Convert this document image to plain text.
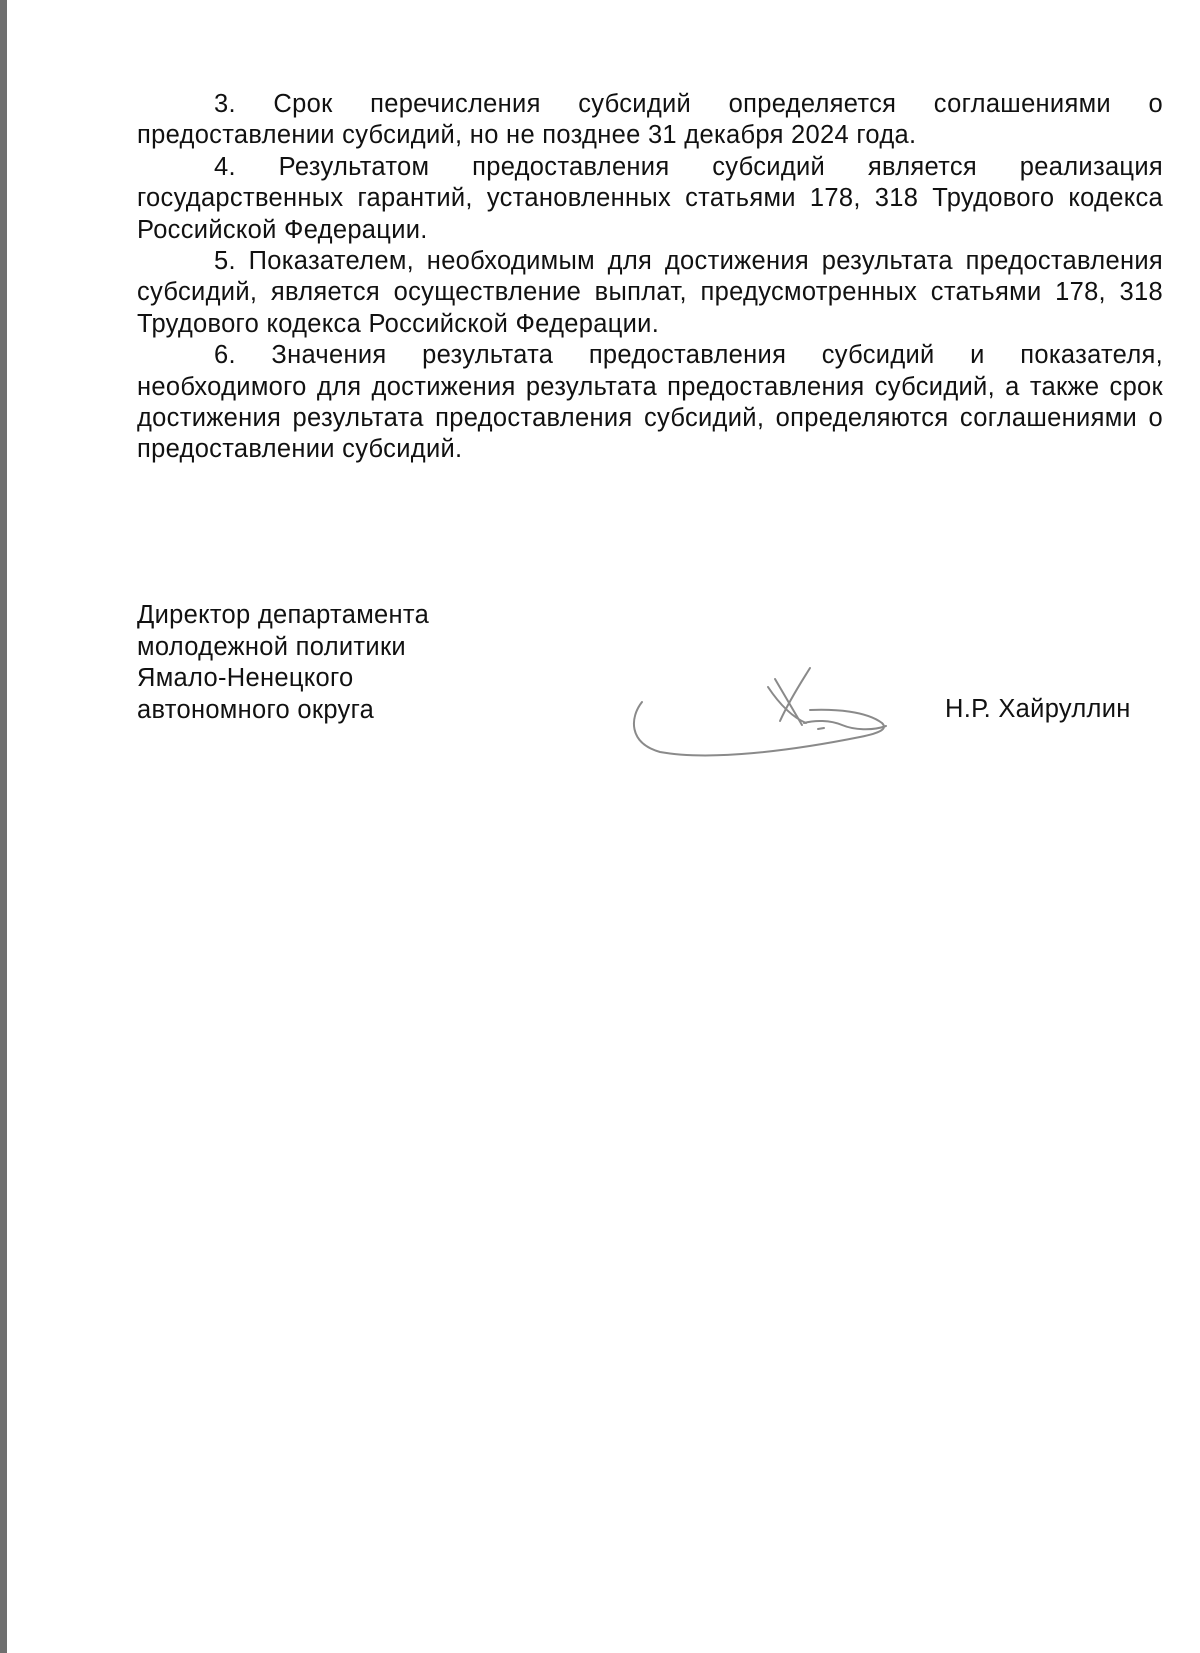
3. Срок перечисления субсидий определяется соглашениями о предоставлении субсидий, но не позднее 31 декабря 2024 года.

4. Результатом предоставления субсидий является реализация государственных гарантий, установленных статьями 178, 318 Трудового кодекса Российской Федерации.

5. Показателем, необходимым для достижения результата предоставления субсидий, является осуществление выплат, предусмотренных статьями 178, 318 Трудового кодекса Российской Федерации.

6. Значения результата предоставления субсидий и показателя, необходимого для достижения результата предоставления субсидий, а также срок достижения результата предоставления субсидий, определяются соглашениями о предоставлении субсидий.

Директор департамента
молодежной политики
Ямало-Ненецкого
автономного округа	Н.Р. Хайруллин
